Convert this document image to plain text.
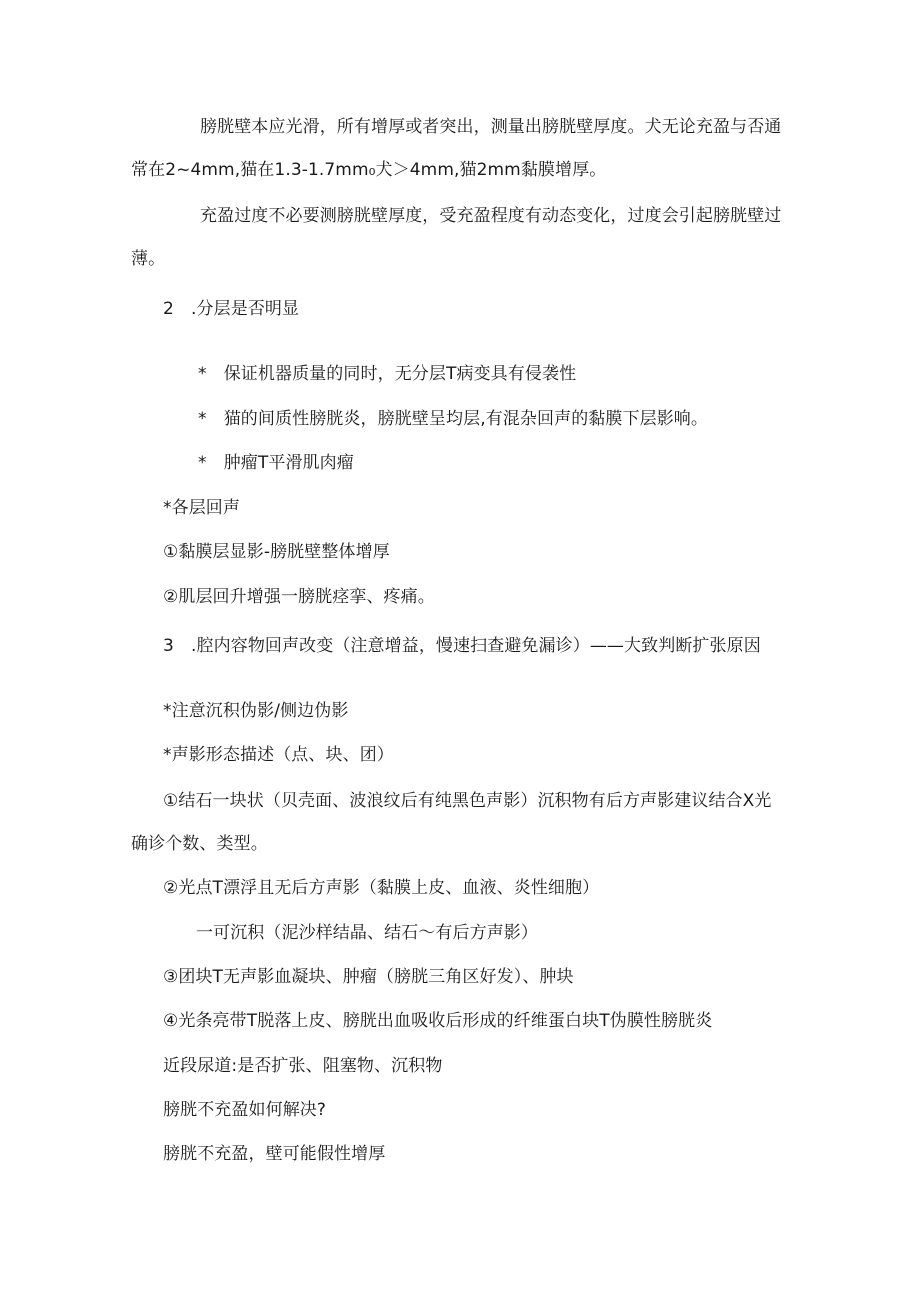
膀胱壁本应光滑，所有增厚或者突出，测量出膀胱壁厚度。犬无论充盈与否通
常在2~4mm,猫在1.3-1.7mm₀犬＞4mm,猫2mm黏膜增厚。
充盈过度不必要测膀胱壁厚度，受充盈程度有动态变化，过度会引起膀胱壁过
薄。
2　.分层是否明显
*　保证机器质量的同时，无分层T病变具有侵袭性
*　猫的间质性膀胱炎，膀胱壁呈均层,有混杂回声的黏膜下层影响。
*　肿瘤T平滑肌肉瘤
*各层回声
①黏膜层显影-膀胱壁整体增厚
②肌层回升增强一膀胱痉挛、疼痛。
3　.腔内容物回声改变（注意增益，慢速扫查避免漏诊）——大致判断扩张原因
*注意沉积伪影/侧边伪影
*声影形态描述（点、块、团）
①结石一块状（贝壳面、波浪纹后有纯黑色声影）沉积物有后方声影建议结合X光
确诊个数、类型。
②光点T漂浮且无后方声影（黏膜上皮、血液、炎性细胞）
一可沉积（泥沙样结晶、结石〜有后方声影）
③团块T无声影血凝块、肿瘤（膀胱三角区好发）、肿块
④光条亮带T脱落上皮、膀胱出血吸收后形成的纤维蛋白块T伪膜性膀胱炎
近段尿道:是否扩张、阻塞物、沉积物
膀胱不充盈如何解决?
膀胱不充盈，壁可能假性增厚
